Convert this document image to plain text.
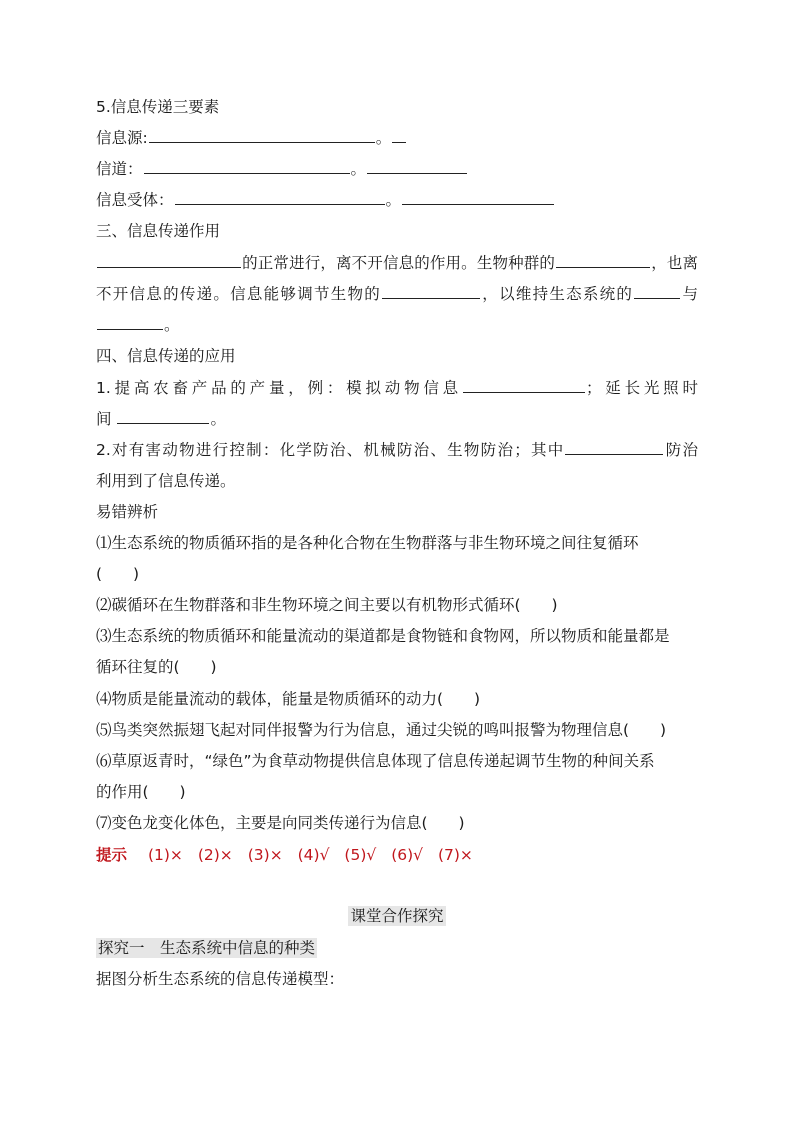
5.信息传递三要素
信息源:	。
信道：	。
信息受体：	。
三、信息传递作用
的正常进行，离不开信息的作用。生物种群的	，也离
不开信息的传递。信息能够调节生物的	，以维持生态系统的	与
。
四、信息传递的应用
1.提高农畜产品的产量，例：模拟动物信息	；延长光照时
间	。
2.对有害动物进行控制：化学防治、机械防治、生物防治；其中	防治
利用到了信息传递。
易错辨析
⑴生态系统的物质循环指的是各种化合物在生物群落与非生物环境之间往复循环
(　　)
⑵碳循环在生物群落和非生物环境之间主要以有机物形式循环(　　)
⑶生态系统的物质循环和能量流动的渠道都是食物链和食物网，所以物质和能量都是
循环往复的(　　)
⑷物质是能量流动的载体，能量是物质循环的动力(　　)
⑸鸟类突然振翅飞起对同伴报警为行为信息，通过尖锐的鸣叫报警为物理信息(　　)
⑹草原返青时，“绿色”为食草动物提供信息体现了信息传递起调节生物的种间关系
的作用(　　)
⑺变色龙变化体色，主要是向同类传递行为信息(　　)
提示 (1)× (2)× (3)× (4)√ (5)√ (6)√ (7)×
课堂合作探究
探究一　生态系统中信息的种类
据图分析生态系统的信息传递模型：
